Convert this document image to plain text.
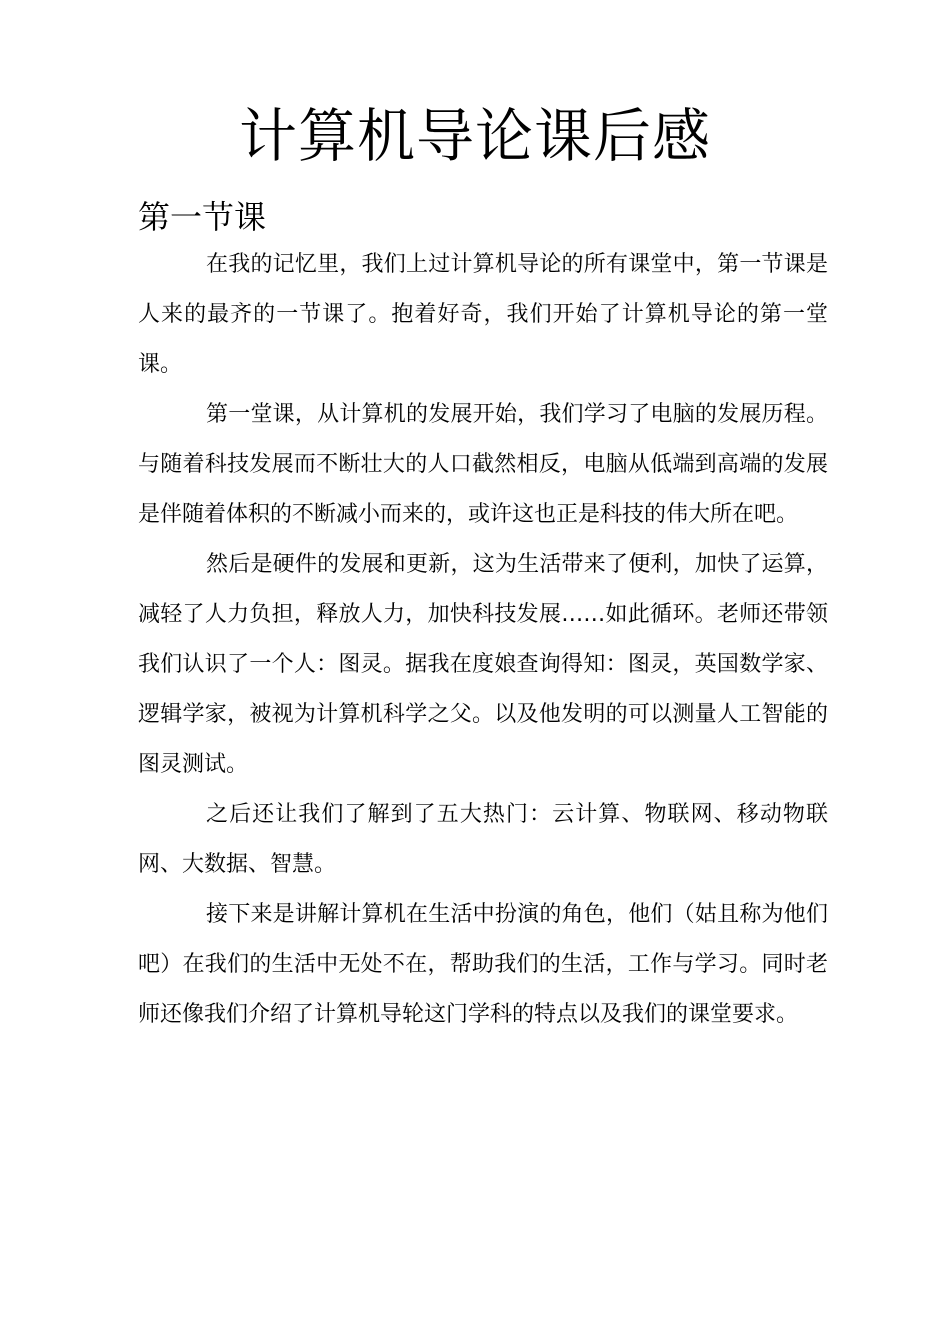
计算机导论课后感
第一节课

在我的记忆里，我们上过计算机导论的所有课堂中，第一节课是人来的最齐的一节课了。抱着好奇，我们开始了计算机导论的第一堂课。

第一堂课，从计算机的发展开始，我们学习了电脑的发展历程。与随着科技发展而不断壮大的人口截然相反，电脑从低端到高端的发展是伴随着体积的不断减小而来的，或许这也正是科技的伟大所在吧。

然后是硬件的发展和更新，这为生活带来了便利，加快了运算，减轻了人力负担，释放人力，加快科技发展……如此循环。老师还带领我们认识了一个人：图灵。据我在度娘查询得知：图灵，英国数学家、逻辑学家，被视为计算机科学之父。以及他发明的可以测量人工智能的图灵测试。

之后还让我们了解到了五大热门：云计算、物联网、移动物联网、大数据、智慧。

接下来是讲解计算机在生活中扮演的角色，他们（姑且称为他们吧）在我们的生活中无处不在，帮助我们的生活，工作与学习。同时老师还像我们介绍了计算机导轮这门学科的特点以及我们的课堂要求。
